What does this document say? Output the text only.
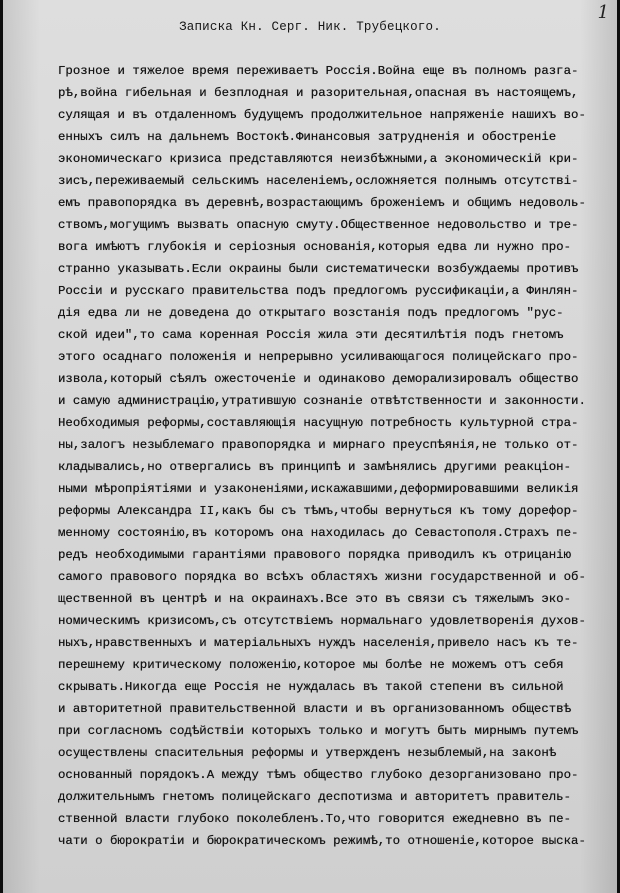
1
Записка Кн. Серг. Ник. Трубецкого.
Грозное и тяжелое время переживаетъ Россія.Война еще въ полномъ разга-
рѣ,война гибельная и безплодная и разорительная,опасная въ настоящемъ,
сулящая и въ отдаленномъ будущемъ продолжительное напряженіе нашихъ во-
енныхъ силъ на дальнемъ Востокѣ.Финансовыя затрудненія и обостреніе
экономическаго кризиса представляются неизбѣжными,а экономическій кри-
зисъ,переживаемый сельскимъ населеніемъ,осложняется полнымъ отсутстві-
емъ правопорядка въ деревнѣ,возрастающимъ броженіемъ и общимъ недоволь-
ствомъ,могущимъ вызвать опасную смуту.Общественное недовольство и тре-
вога имѣютъ глубокія и серіозныя основанія,которыя едва ли нужно про-
странно указывать.Если окраины были систематически возбуждаемы противъ
Россіи и русскаго правительства подъ предлогомъ руссификаціи,а Финлян-
дія едва ли не доведена до открытаго возстанія подъ предлогомъ "рус-
ской идеи",то сама коренная Россія жила эти десятилѣтія подъ гнетомъ
этого осаднаго положенія и непрерывно усиливающагося полицейскаго про-
извола,который сѣялъ ожесточеніе и одинаково деморализировалъ общество
и самую администрацію,утратившую сознаніе отвѣтственности и законности.
Необходимыя реформы,составляющія насущную потребность культурной стра-
ны,залогъ незыблемаго правопорядка и мирнаго преуспѣянія,не только от-
кладывались,но отвергались въ принципѣ и замѣнялись другими реакціон-
ными мѣропріятіями и узаконеніями,искажавшими,деформировавшими великія
реформы Александра II,какъ бы съ тѣмъ,чтобы вернуться къ тому дорефор-
менному состоянію,въ которомъ она находилась до Севастополя.Страхъ пе-
редъ необходимыми гарантіями правового порядка приводилъ къ отрицанію
самого правового порядка во всѣхъ областяхъ жизни государственной и об-
щественной въ центрѣ и на окраинахъ.Все это въ связи съ тяжелымъ эко-
номическимъ кризисомъ,съ отсутствіемъ нормальнаго удовлетворенія духов-
ныхъ,нравственныхъ и матеріальныхъ нуждъ населенія,привело насъ къ те-
перешнему критическому положенію,которое мы болѣе не можемъ отъ себя
скрывать.Никогда еще Россія не нуждалась въ такой степени въ сильной
и авторитетной правительственной власти и въ организованномъ обществѣ
при согласномъ содѣйствіи которыхъ только и могутъ быть мирнымъ путемъ
осуществлены спасительныя реформы и утвержденъ незыблемый,на законѣ
основанный порядокъ.А между тѣмъ общество глубоко дезорганизовано про-
должительнымъ гнетомъ полицейскаго деспотизма и авторитетъ правитель-
ственной власти глубоко поколебленъ.То,что говорится ежедневно въ пе-
чати о бюрократіи и бюрократическомъ режимѣ,то отношеніе,которое выска-
